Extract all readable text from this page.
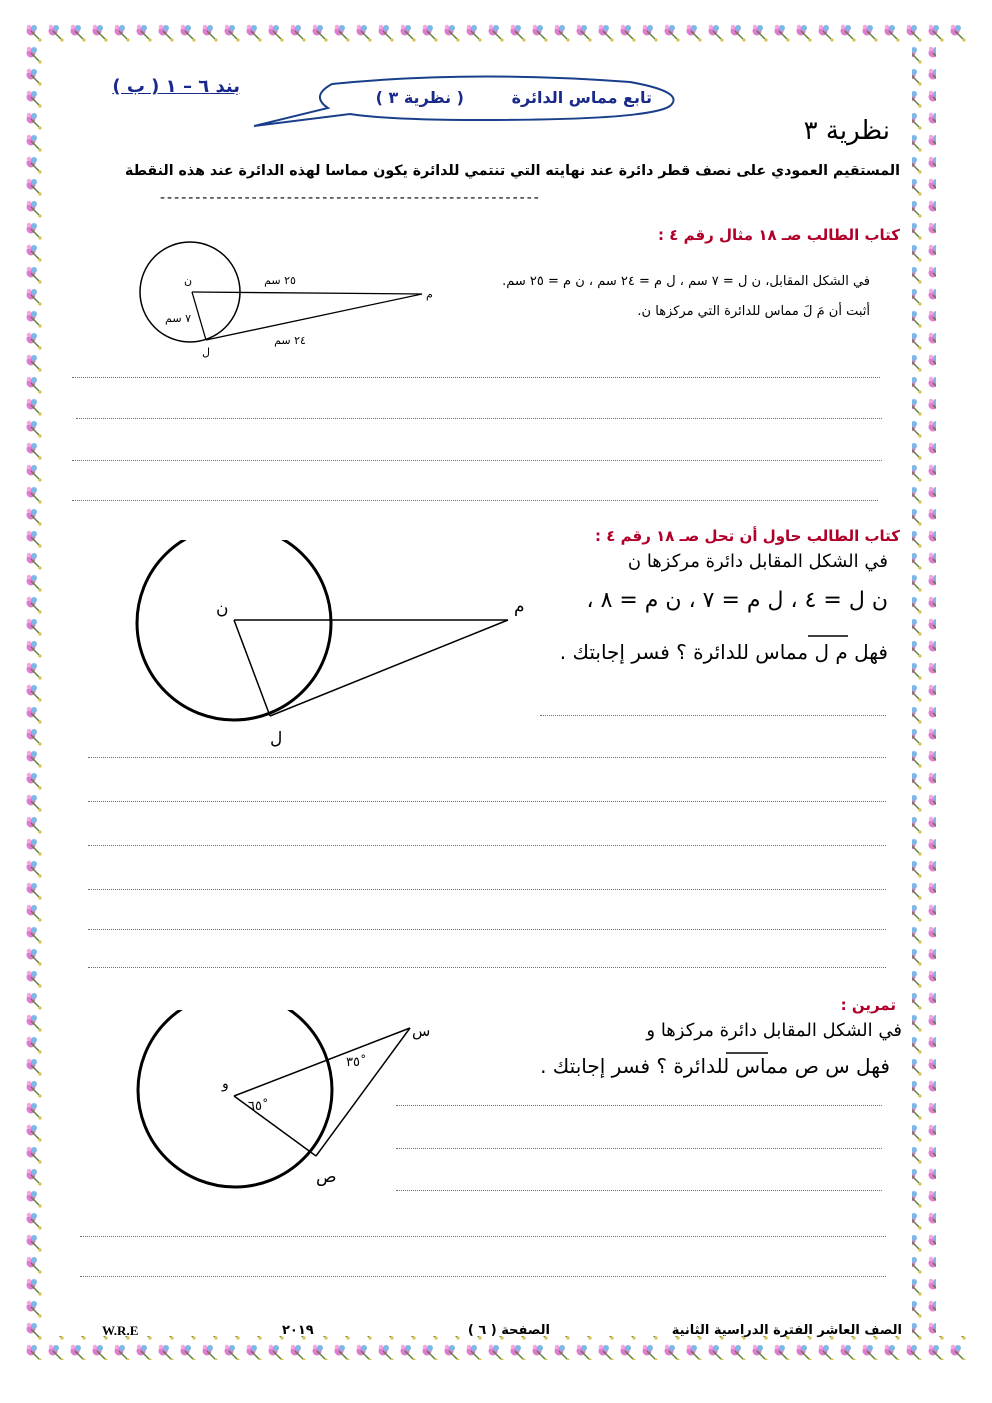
بند ٦ – ١ ( ب )
تابع مماس الدائرة
( نظرية ٣ )
نظرية ٣
المستقيم العمودي على نصف قطر دائرة عند نهايته التي تنتمي للدائرة يكون مماسا لهذه الدائرة عند هذه النقطة
------------------------------------------------------
كتاب الطالب صـ ١٨ مثال رقم ٤ :
في الشكل المقابل، ن ل = ٧ سم ، ل م = ٢٤ سم ، ن م = ٢٥ سم.
أثبت أن مَ لَ مماس للدائرة التي مركزها ن.
ن
م
ل
٢٥ سم
٧ سم
٢٤ سم
كتاب الطالب حاول أن تحل صـ ١٨ رقم ٤ :
في الشكل المقابل دائرة مركزها ن
ن ل = ٤ ، ل م = ٧ ، ن م = ٨ ،
فهل م ل مماس للدائرة ؟ فسر إجابتك .
ن	م
ل
تمرين :
في الشكل المقابل دائرة مركزها و
فهل س ص مماس للدائرة ؟ فسر إجابتك .
و
س
ص
٦٥ْ
٣٥ْ
الصف العاشر الفترة الدراسية الثانية
الصفحة ( ٦ )
٢٠١٩
W.R.E
